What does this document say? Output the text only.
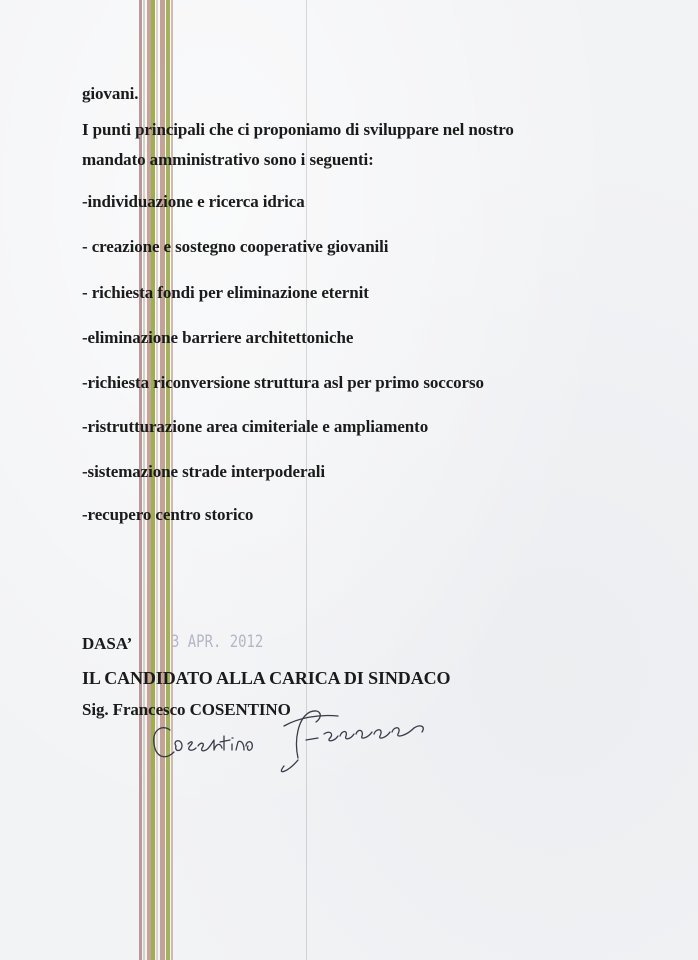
giovani.
I punti principali che ci proponiamo di sviluppare nel nostro
mandato amministrativo sono i seguenti:
-individuazione e ricerca idrica
- creazione e sostegno cooperative giovanili
- richiesta fondi per eliminazione eternit
-eliminazione barriere architettoniche
-richiesta riconversione struttura asl per primo soccorso
-ristrutturazione area cimiteriale e ampliamento
-sistemazione strade interpoderali
-recupero centro storico
DASA’ 3 APR. 2012
IL CANDIDATO ALLA CARICA DI SINDACO
Sig. Francesco COSENTINO
